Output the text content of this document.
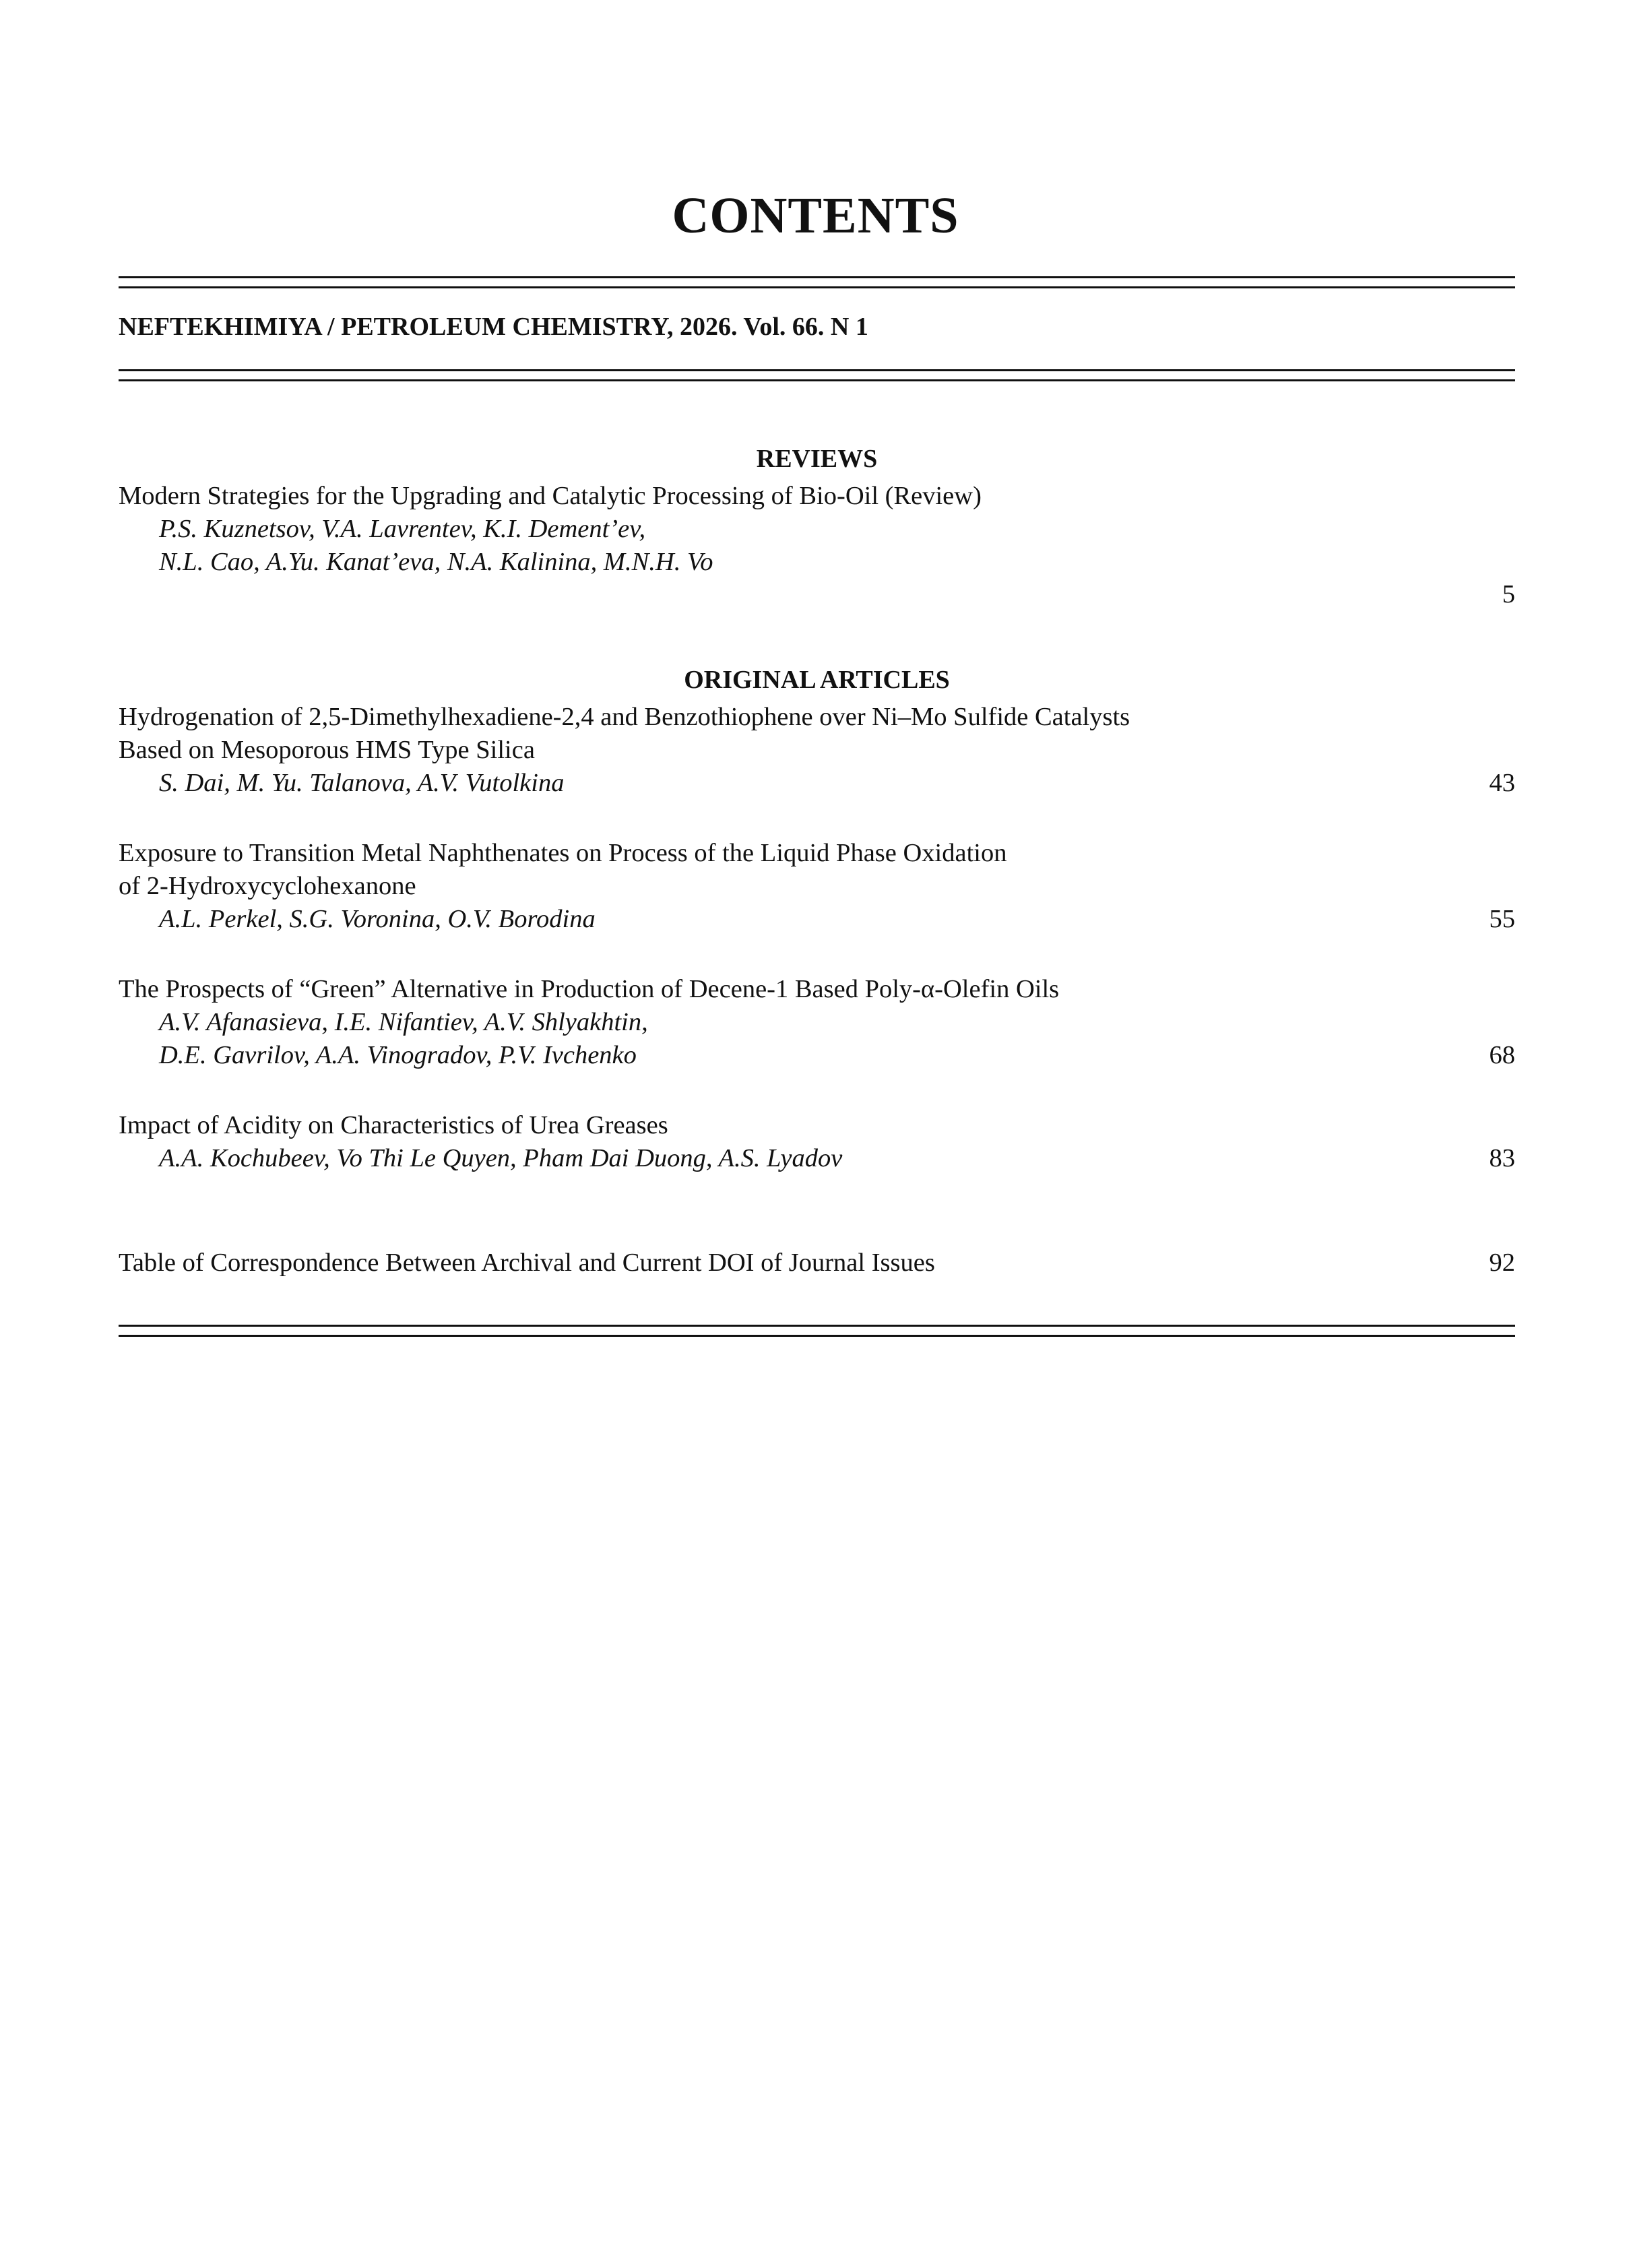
CONTENTS
NEFTEKHIMIYA / PETROLEUM CHEMISTRY, 2026. Vol. 66. N 1
REVIEWS
Modern Strategies for the Upgrading and Catalytic Processing of Bio-Oil (Review)
P.S. Kuznetsov, V.A. Lavrentev, K.I. Dement’ev,
N.L. Cao, A.Yu. Kanat’eva, N.A. Kalinina, M.N.H. Vo
5
ORIGINAL ARTICLES
Hydrogenation of 2,5-Dimethylhexadiene-2,4 and Benzothiophene over Ni–Mo Sulfide Catalysts
Based on Mesoporous HMS Type Silica
S. Dai, M. Yu. Talanova, A.V. Vutolkina	43
Exposure to Transition Metal Naphthenates on Process of the Liquid Phase Oxidation
of 2-Hydroxycyclohexanone
A.L. Perkel, S.G. Voronina, O.V. Borodina	55
The Prospects of “Green” Alternative in Production of Decene-1 Based Poly-α-Olefin Oils
A.V. Afanasieva, I.E. Nifantiev, A.V. Shlyakhtin,
D.E. Gavrilov, A.A. Vinogradov, P.V. Ivchenko	68
Impact of Acidity on Characteristics of Urea Greases
A.A. Kochubeev, Vo Thi Le Quyen, Pham Dai Duong, A.S. Lyadov	83
Table of Correspondence Between Archival and Current DOI of Journal Issues	92
